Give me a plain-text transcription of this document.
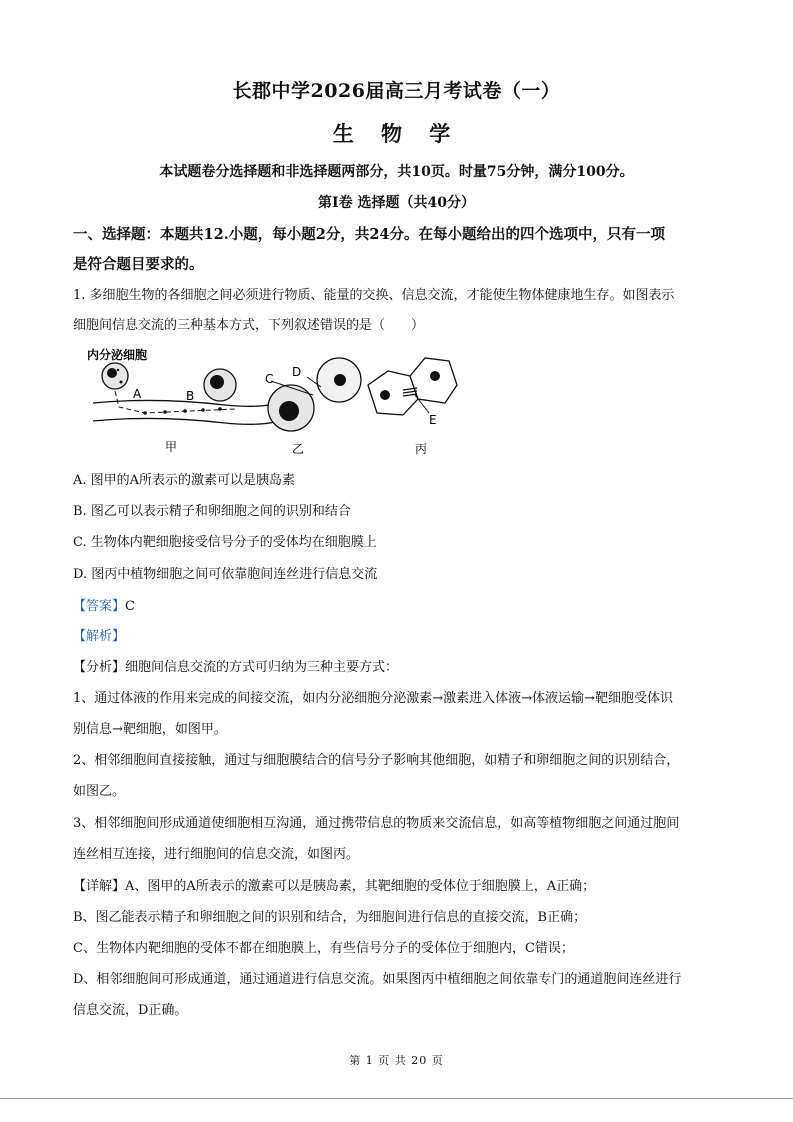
长郡中学2026届高三月考试卷（一）
生 物 学
本试题卷分选择题和非选择题两部分，共10页。时量75分钟，满分100分。
第Ⅰ卷 选择题（共40分）
一、选择题：本题共12.小题，每小题2分，共24分。在每小题给出的四个选项中，只有一项
是符合题目要求的。
1. 多细胞生物的各细胞之间必须进行物质、能量的交换、信息交流，才能使生物体健康地生存。如图表示
细胞间信息交流的三种基本方式，下列叙述错误的是（　　）
内分泌细胞
A	B
C D
E
甲	乙	丙
A. 图甲的A所表示的激素可以是胰岛素
B. 图乙可以表示精子和卵细胞之间的识别和结合
C. 生物体内靶细胞接受信号分子的受体均在细胞膜上
D. 图丙中植物细胞之间可依靠胞间连丝进行信息交流
【答案】C
【解析】
【分析】细胞间信息交流的方式可归纳为三种主要方式：
1、通过体液的作用来完成的间接交流，如内分泌细胞分泌激素→激素进入体液→体液运输→靶细胞受体识
别信息→靶细胞，如图甲。
2、相邻细胞间直接接触，通过与细胞膜结合的信号分子影响其他细胞，如精子和卵细胞之间的识别结合，
如图乙。
3、相邻细胞间形成通道使细胞相互沟通，通过携带信息的物质来交流信息，如高等植物细胞之间通过胞间
连丝相互连接，进行细胞间的信息交流，如图丙。
【详解】A、图甲的A所表示的激素可以是胰岛素，其靶细胞的受体位于细胞膜上，A正确；
B、图乙能表示精子和卵细胞之间的识别和结合，为细胞间进行信息的直接交流，B正确；
C、生物体内靶细胞的受体不都在细胞膜上，有些信号分子的受体位于细胞内，C错误；
D、相邻细胞间可形成通道，通过通道进行信息交流。如果图丙中植细胞之间依靠专门的通道胞间连丝进行
信息交流，D正确。
第 1 页 共 20 页
